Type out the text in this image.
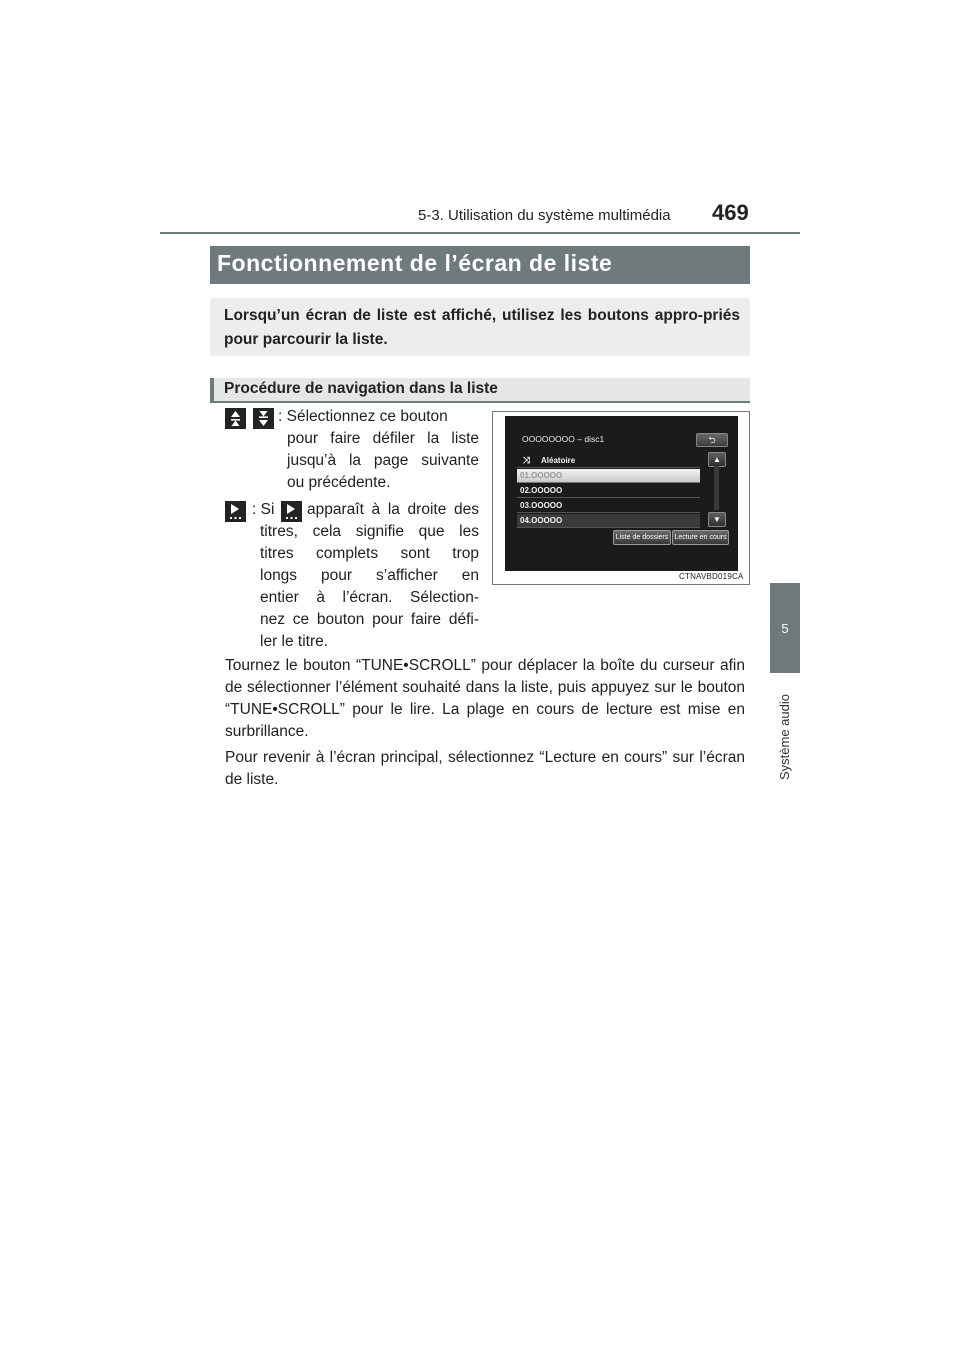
5-3. Utilisation du système multimédia 469
5
Système audio
Fonctionnement de l’écran de liste

Lorsqu’un écran de liste est affiché, utilisez les boutons appro-priés pour parcourir la liste.

Procédure de navigation dans la liste
: Sélectionnez ce bouton
pour faire défiler la liste
jusqu’à la page suivante
ou précédente.
: Si apparaît à la droite des
titres, cela signifie que les
titres complets sont trop
longs pour s’afficher en
entier à l’écran. Sélection-
nez ce bouton pour faire défi-
ler le titre.
OOOOOOOO – disc1	⮌
⤨ Aléatoire
01.OOOOO
02.OOOOO
03.OOOOO
04.OOOOO
▲
▼
Liste de dossiers Lecture en cours
CTNAVBD019CA
Tournez le bouton “TUNE•SCROLL” pour déplacer la boîte du curseur afin de sélectionner l’élément souhaité dans la liste, puis appuyez sur le bouton “TUNE•SCROLL” pour le lire. La plage en cours de lecture est mise en surbrillance.
Pour revenir à l’écran principal, sélectionnez “Lecture en cours” sur l’écran de liste.
